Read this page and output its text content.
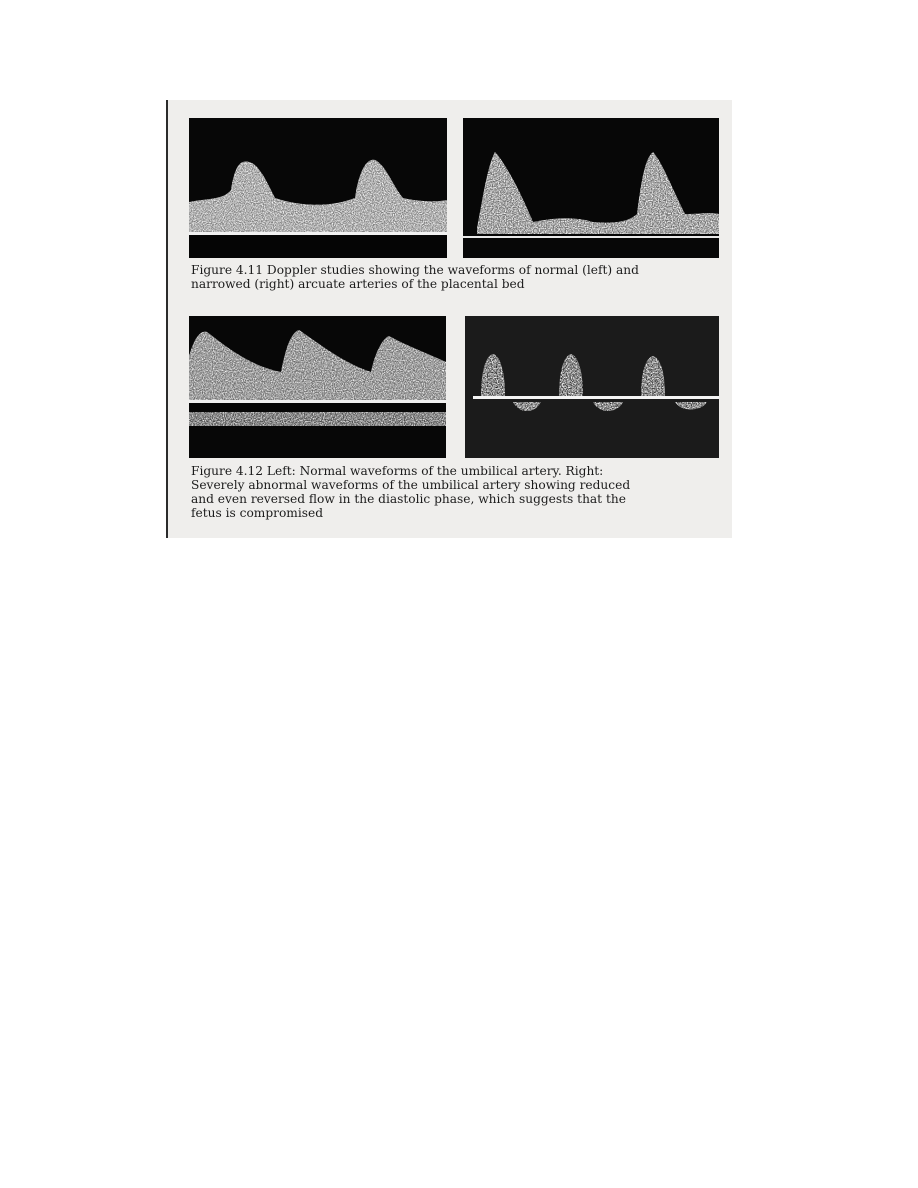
Figure 4.11 Doppler studies showing the waveforms of normal (left) and
narrowed (right) arcuate arteries of the placental bed

Figure 4.12 Left: Normal waveforms of the umbilical artery. Right:
Severely abnormal waveforms of the umbilical artery showing reduced
and even reversed flow in the diastolic phase, which suggests that the
fetus is compromised
